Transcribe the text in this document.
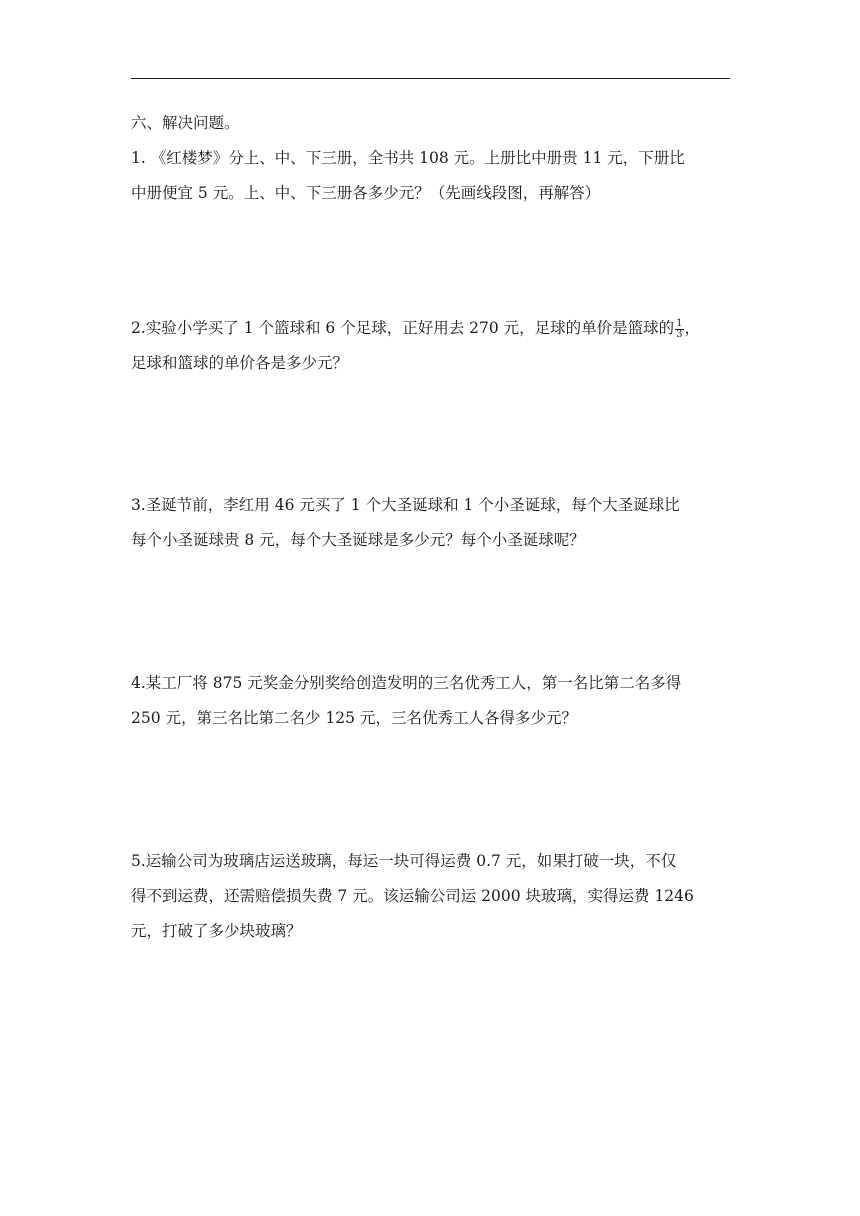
六、解决问题。
1. 《红楼梦》分上、中、下三册，全书共 108 元。上册比中册贵 11 元，下册比
中册便宜 5 元。上、中、下三册各多少元？（先画线段图，再解答）
2.实验小学买了 1 个篮球和 6 个足球，正好用去 270 元，足球的单价是篮球的 $\frac{1}{3}$ ，
足球和篮球的单价各是多少元？
3.圣诞节前，李红用 46 元买了 1 个大圣诞球和 1 个小圣诞球，每个大圣诞球比
每个小圣诞球贵 8 元，每个大圣诞球是多少元？每个小圣诞球呢？
4.某工厂将 875 元奖金分别奖给创造发明的三名优秀工人，第一名比第二名多得
250 元，第三名比第二名少 125 元，三名优秀工人各得多少元？
5.运输公司为玻璃店运送玻璃，每运一块可得运费 0.7 元，如果打破一块，不仅
得不到运费，还需赔偿损失费 7 元。该运输公司运 2000 块玻璃，实得运费 1246
元，打破了多少块玻璃？
